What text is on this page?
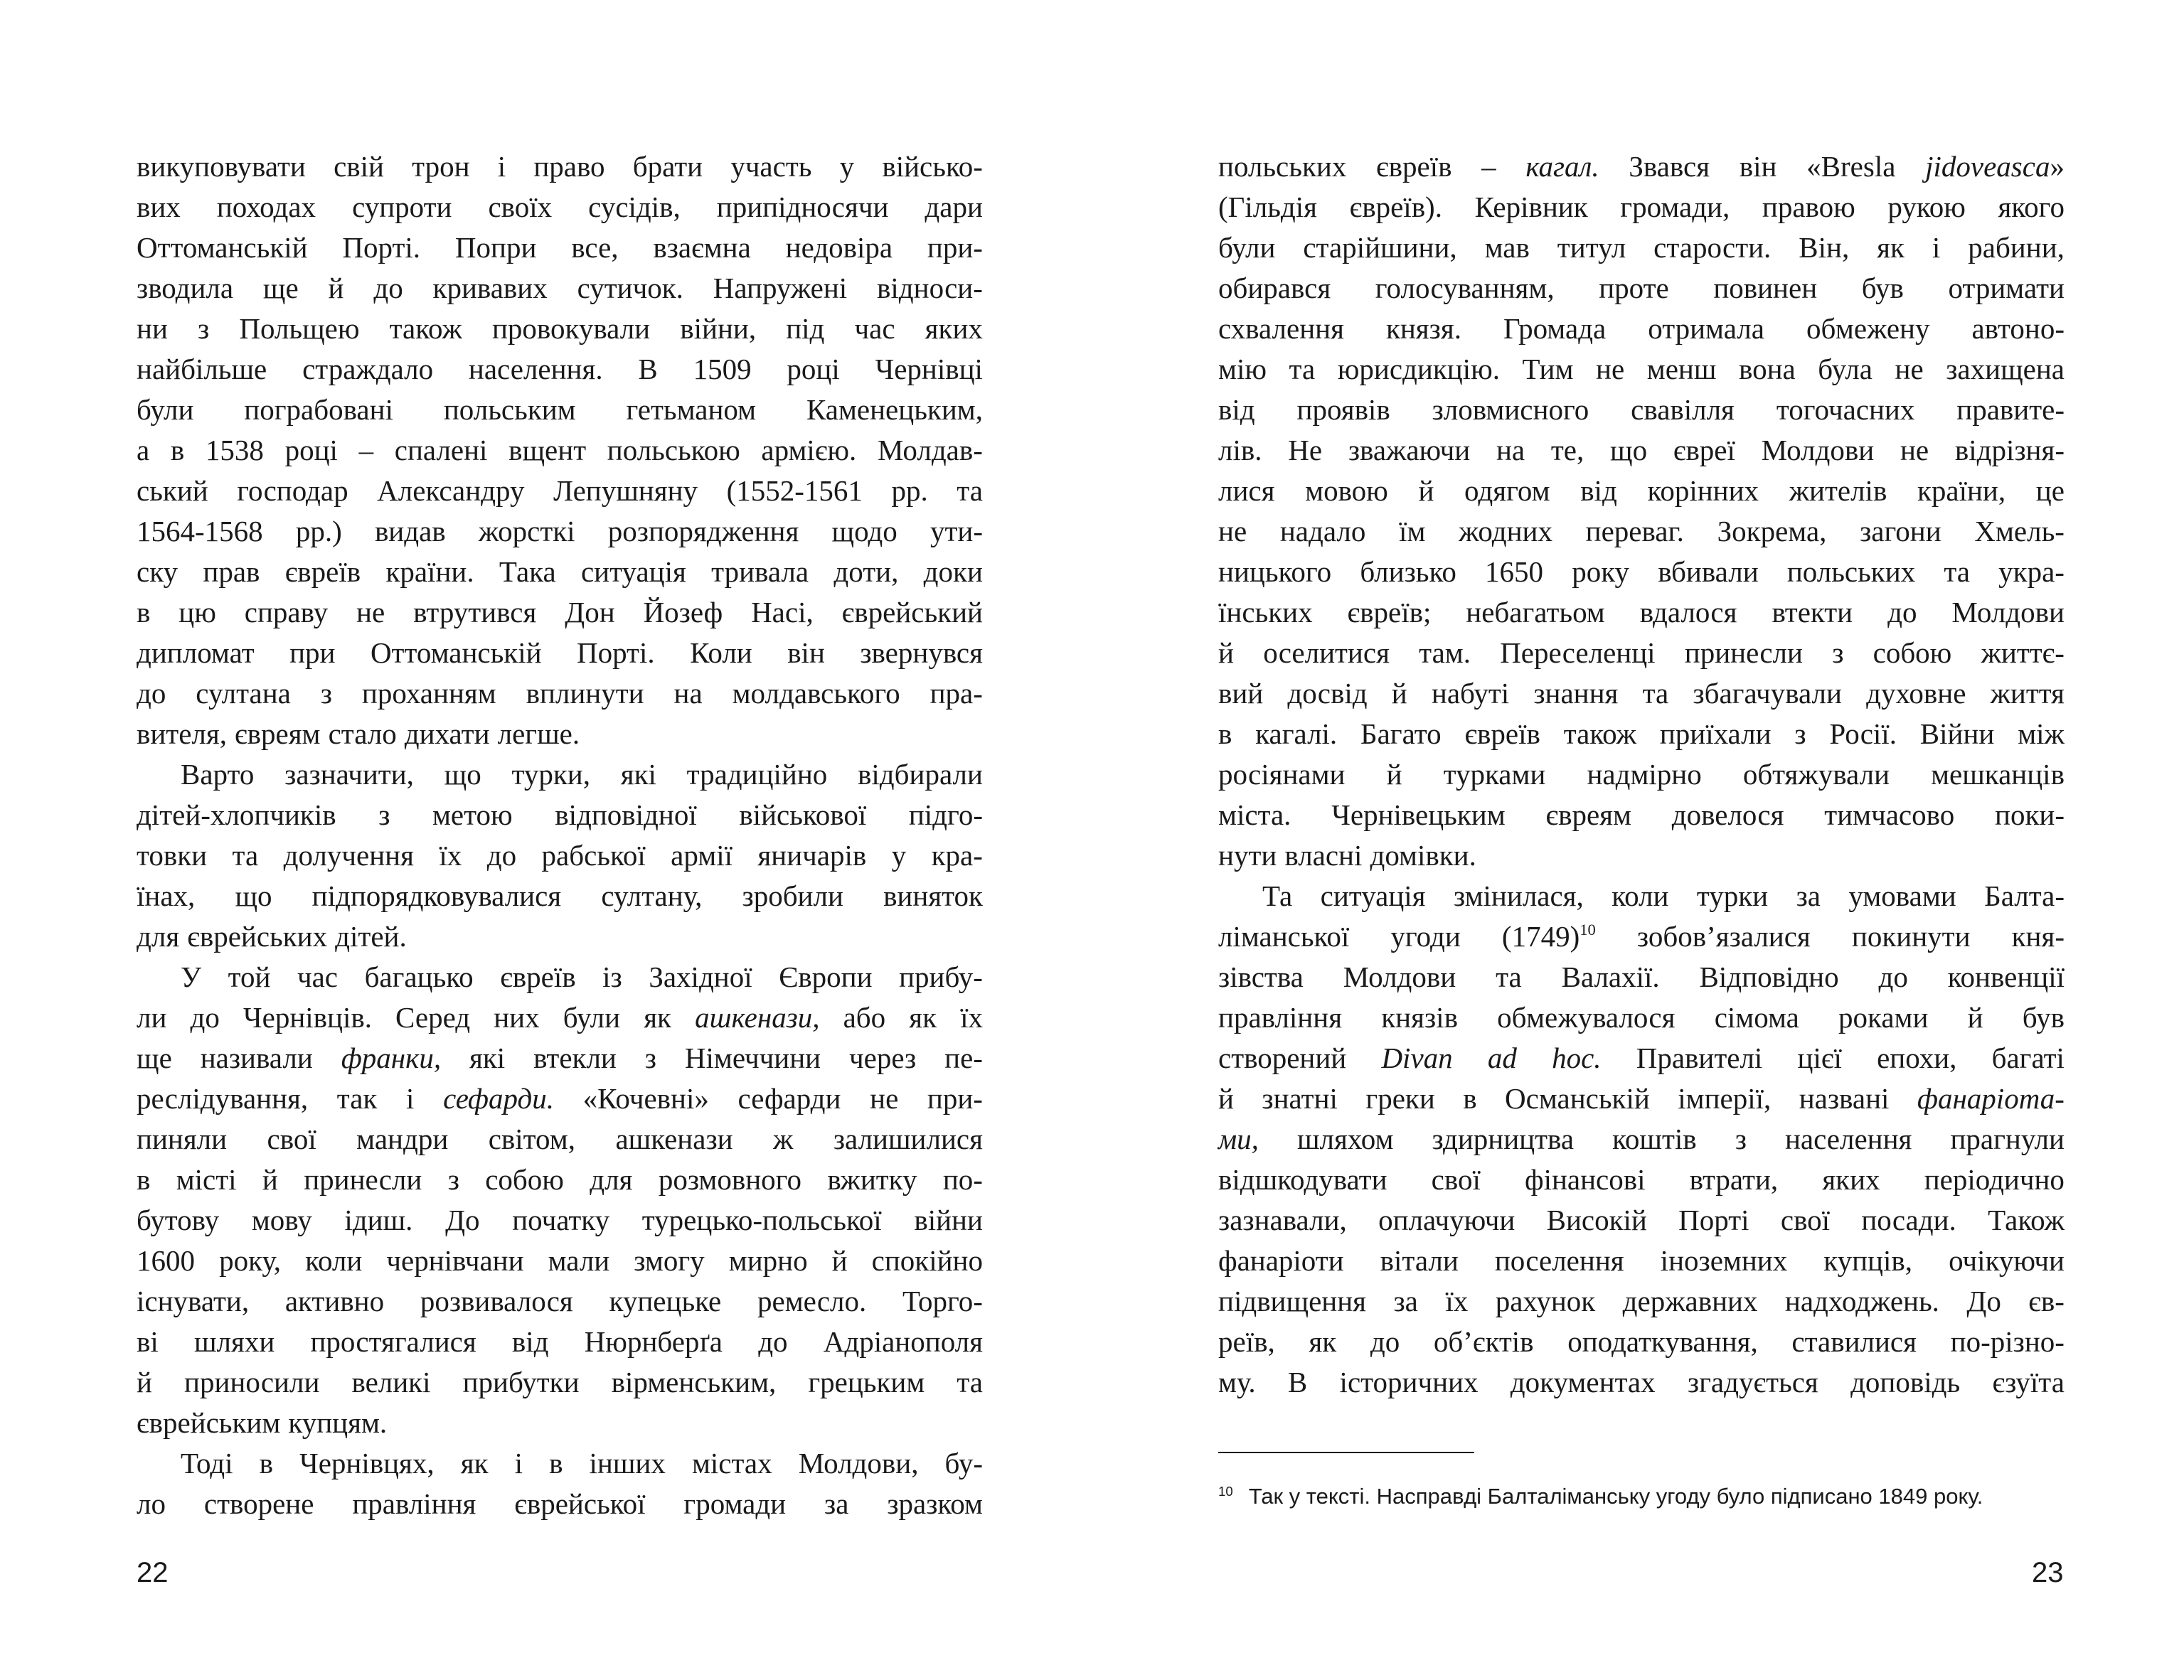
викуповувати свій трон і право брати участь у військо-
вих походах супроти своїх сусідів, припідносячи дари
Оттоманській Порті. Попри все, взаємна недовіра при-
зводила ще й до кривавих сутичок. Напружені відноси-
ни з Польщею також провокували війни, під час яких
найбільше страждало населення. В 1509 році Чернівці
були пограбовані польським гетьманом Каменецьким,
а в 1538 році – спалені вщент польською армією. Молдав-
ський господар Александру Лепушняну (1552-1561 рр. та
1564-1568 рр.) видав жорсткі розпорядження щодо ути-
ску прав євреїв країни. Така ситуація тривала доти, доки
в цю справу не втрутився Дон Йозеф Насі, єврейський
дипломат при Оттоманській Порті. Коли він звернувся
до султана з проханням вплинути на молдавського пра-
вителя, євреям стало дихати легше.
Варто зазначити, що турки, які традиційно відбирали
дітей-хлопчиків з метою відповідної військової підго-
товки та долучення їх до рабської армії яничарів у кра-
їнах, що підпорядковувалися султану, зробили виняток
для єврейських дітей.
У той час багацько євреїв із Західної Європи прибу-
ли до Чернівців. Серед них були як ашкенази, або як їх
ще називали франки, які втекли з Німеччини через пе-
реслідування, так і сефарди. «Кочевні» сефарди не при-
пиняли свої мандри світом, ашкенази ж залишилися
в місті й принесли з собою для розмовного вжитку по-
бутову мову ідиш. До початку турецько-польської війни
1600 року, коли чернівчани мали змогу мирно й спокійно
існувати, активно розвивалося купецьке ремесло. Торго-
ві шляхи простягалися від Нюрнберґа до Адріанополя
й приносили великі прибутки вірменським, грецьким та
єврейським купцям.
Тоді в Чернівцях, як і в інших містах Молдови, бу-
ло створене правління єврейської громади за зразком
22
польських євреїв – кагал. Звався він «Bresla jidoveasca»
(Гільдія євреїв). Керівник громади, правою рукою якого
були старійшини, мав титул старости. Він, як і рабини,
обирався голосуванням, проте повинен був отримати
схвалення князя. Громада отримала обмежену автоно-
мію та юрисдикцію. Тим не менш вона була не захищена
від проявів зловмисного свавілля тогочасних правите-
лів. Не зважаючи на те, що євреї Молдови не відрізня-
лися мовою й одягом від корінних жителів країни, це
не надало їм жодних переваг. Зокрема, загони Хмель-
ницького близько 1650 року вбивали польських та укра-
їнських євреїв; небагатьом вдалося втекти до Молдови
й оселитися там. Переселенці принесли з собою життє-
вий досвід й набуті знання та збагачували духовне життя
в кагалі. Багато євреїв також приїхали з Росії. Війни між
росіянами й турками надмірно обтяжували мешканців
міста. Чернівецьким євреям довелося тимчасово поки-
нути власні домівки.
Та ситуація змінилася, коли турки за умовами Балта-
ліманської угоди (1749)$^{10}$ зобов’язалися покинути кня-
зівства Молдови та Валахії. Відповідно до конвенції
правління князів обмежувалося сімома роками й був
створений Divan ad hoc. Правителі цієї епохи, багаті
й знатні греки в Османській імперії, названі фанаріота-
ми, шляхом здирництва коштів з населення прагнули
відшкодувати свої фінансові втрати, яких періодично
зазнавали, оплачуючи Високій Порті свої посади. Також
фанаріоти вітали поселення іноземних купців, очікуючи
підвищення за їх рахунок державних надходжень. До єв-
реїв, як до об’єктів оподаткування, ставилися по-різно-
му. В історичних документах згадується доповідь єзуїта
$^{10}$ Так у тексті. Насправді Балталіманську угоду було підписано 1849 року.
23
